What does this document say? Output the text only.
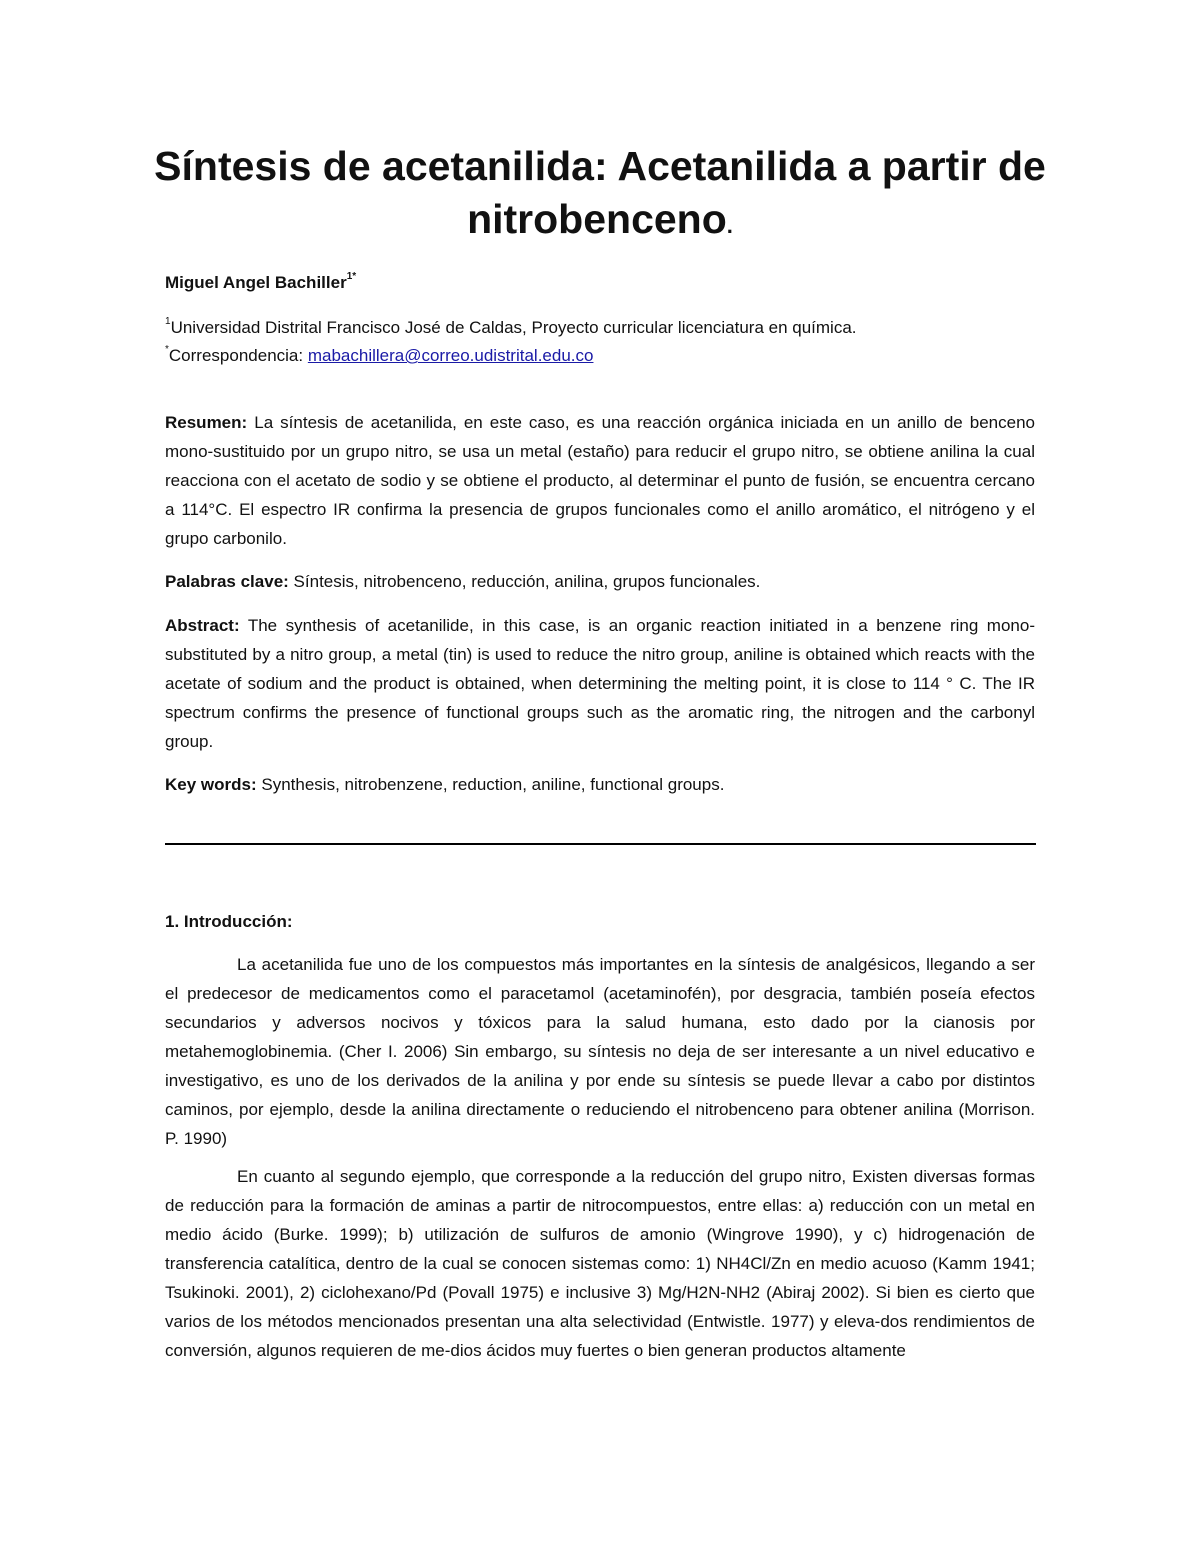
Síntesis de acetanilida: Acetanilida a partir de nitrobenceno.

Miguel Angel Bachiller$^{1*}$

$^1$Universidad Distrital Francisco José de Caldas, Proyecto curricular licenciatura en química.

*Correspondencia: mabachillera@correo.udistrital.edu.co

Resumen: La síntesis de acetanilida, en este caso, es una reacción orgánica iniciada en un anillo de benceno mono-sustituido por un grupo nitro, se usa un metal (estaño) para reducir el grupo nitro, se obtiene anilina la cual reacciona con el acetato de sodio y se obtiene el producto, al determinar el punto de fusión, se encuentra cercano a 114°C. El espectro IR confirma la presencia de grupos funcionales como el anillo aromático, el nitrógeno y el grupo carbonilo.

Palabras clave: Síntesis, nitrobenceno, reducción, anilina, grupos funcionales.

Abstract: The synthesis of acetanilide, in this case, is an organic reaction initiated in a benzene ring mono-substituted by a nitro group, a metal (tin) is used to reduce the nitro group, aniline is obtained which reacts with the acetate of sodium and the product is obtained, when determining the melting point, it is close to 114 ° C. The IR spectrum confirms the presence of functional groups such as the aromatic ring, the nitrogen and the carbonyl group.

Key words: Synthesis, nitrobenzene, reduction, aniline, functional groups.

1. Introducción:

La acetanilida fue uno de los compuestos más importantes en la síntesis de analgésicos, llegando a ser el predecesor de medicamentos como el paracetamol (acetaminofén), por desgracia, también poseía efectos secundarios y adversos nocivos y tóxicos para la salud humana, esto dado por la cianosis por metahemoglobinemia. (Cher I. 2006) Sin embargo, su síntesis no deja de ser interesante a un nivel educativo e investigativo, es uno de los derivados de la anilina y por ende su síntesis se puede llevar a cabo por distintos caminos, por ejemplo, desde la anilina directamente o reduciendo el nitrobenceno para obtener anilina (Morrison. P. 1990)

En cuanto al segundo ejemplo, que corresponde a la reducción del grupo nitro, Existen diversas formas de reducción para la formación de aminas a partir de nitrocompuestos, entre ellas: a) reducción con un metal en medio ácido (Burke. 1999); b) utilización de sulfuros de amonio (Wingrove 1990), y c) hidrogenación de transferencia catalítica, dentro de la cual se conocen sistemas como: 1) NH4Cl/Zn en medio acuoso (Kamm 1941; Tsukinoki. 2001), 2) ciclohexano/Pd (Povall 1975) e inclusive 3) Mg/H2N-NH2 (Abiraj 2002). Si bien es cierto que varios de los métodos mencionados presentan una alta selectividad (Entwistle. 1977) y eleva-dos rendimientos de conversión, algunos requieren de me-dios ácidos muy fuertes o bien generan productos altamente
